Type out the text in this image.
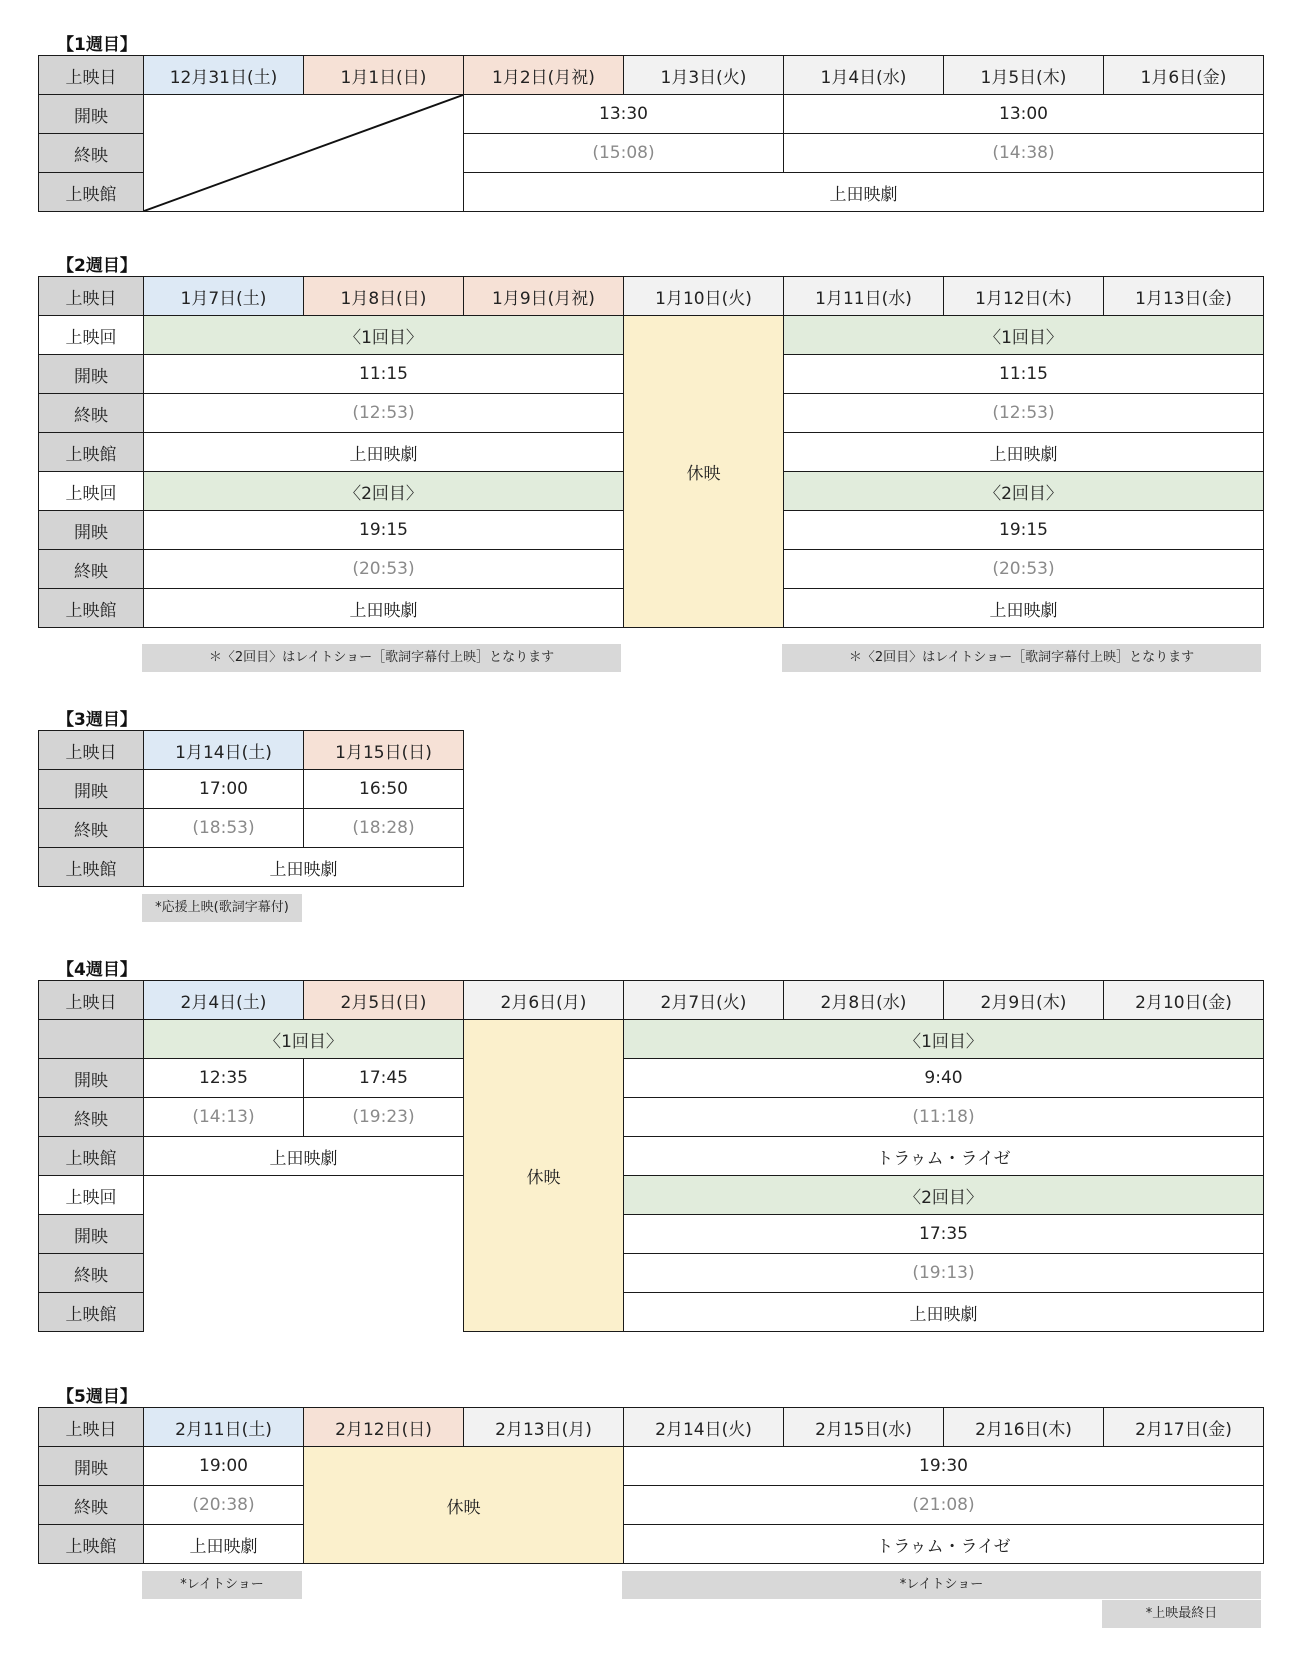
【1週目】
上映日	12月31日(土)	1月1日(日)	1月2日(月祝)	1月3日(火)	1月4日(水)	1月5日(木)	1月6日(金)
開映			13:30		13:00		
終映			(15:08)		(14:38)		
上映館			上田映劇				
【2週目】
上映日	1月7日(土)	1月8日(日)	1月9日(月祝)	1月10日(火)	1月11日(水)	1月12日(木)	1月13日(金)
上映回	〈1回目〉			休映	〈1回目〉		
開映	11:15				11:15		
終映	(12:53)				(12:53)		
上映館	上田映劇				上田映劇		
上映回	〈2回目〉				〈2回目〉		
開映	19:15				19:15		
終映	(20:53)				(20:53)		
上映館	上田映劇				上田映劇		
＊〈2回目〉はレイトショー［歌詞字幕付上映］となります	＊〈2回目〉はレイトショー［歌詞字幕付上映］となります
【3週目】
上映日	1月14日(土)	1月15日(日)
開映	17:00	16:50
終映	(18:53)	(18:28)
上映館	上田映劇	
*応援上映(歌詞字幕付)
【4週目】
上映日	2月4日(土)	2月5日(日)	2月6日(月)	2月7日(火)	2月8日(水)	2月9日(木)	2月10日(金)
	〈1回目〉		休映	〈1回目〉			
開映	12:35	17:45		9:40			
終映	(14:13)	(19:23)		(11:18)			
上映館	上田映劇			トラゥム・ライゼ			
上映回				〈2回目〉			
開映				17:35			
終映				(19:13)			
上映館				上田映劇			
【5週目】
上映日	2月11日(土)	2月12日(日)	2月13日(月)	2月14日(火)	2月15日(水)	2月16日(木)	2月17日(金)
開映	19:00	休映		19:30			
終映	(20:38)			(21:08)			
上映館	上田映劇			トラゥム・ライゼ			
*レイトショー	*レイトショー
*上映最終日
